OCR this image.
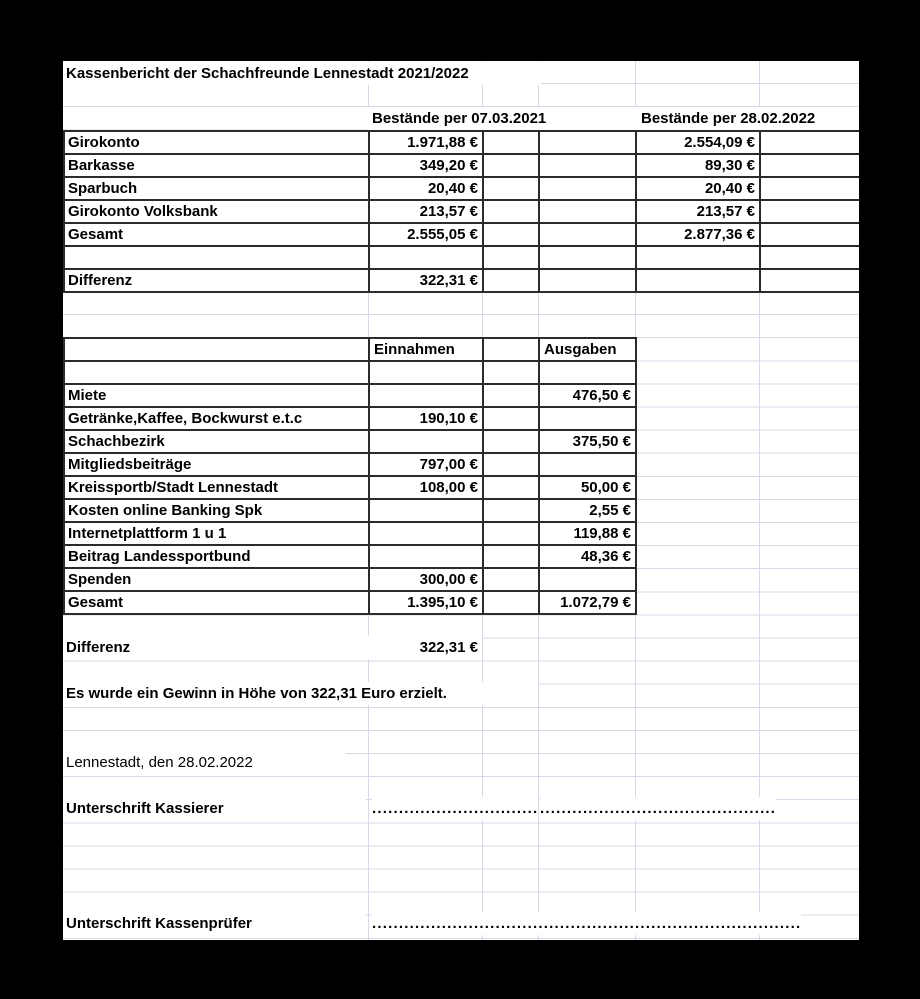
Kassenbericht der Schachfreunde Lennestadt 2021/2022
Bestände per 07.03.2021	Bestände per 28.02.2022
Girokonto	1.971,88 €			2.554,09 €	
Barkasse	349,20 €			89,30 €	
Sparbuch	20,40 €			20,40 €	
Girokonto Volksbank	213,57 €			213,57 €	
Gesamt	2.555,05 €			2.877,36 €	

Differenz	322,31 €				
	Einnahmen		Ausgaben

Miete			476,50 €
Getränke,Kaffee, Bockwurst e.t.c	190,10 €		
Schachbezirk			375,50 €
Mitgliedsbeiträge	797,00 €		
Kreissportb/Stadt Lennestadt	108,00 €		50,00 €
Kosten online Banking Spk			2,55 €
Internetplattform 1 u 1			119,88 €
Beitrag Landessportbund			48,36 €
Spenden	300,00 €		
Gesamt	1.395,10 €		1.072,79 €
Differenz	322,31 €
Es wurde ein Gewinn in Höhe von 322,31 Euro erzielt.
Lennestadt, den 28.02.2022
Unterschrift Kassierer	............................... ............................................
Unterschrift Kassenprüfer	................................................................................
